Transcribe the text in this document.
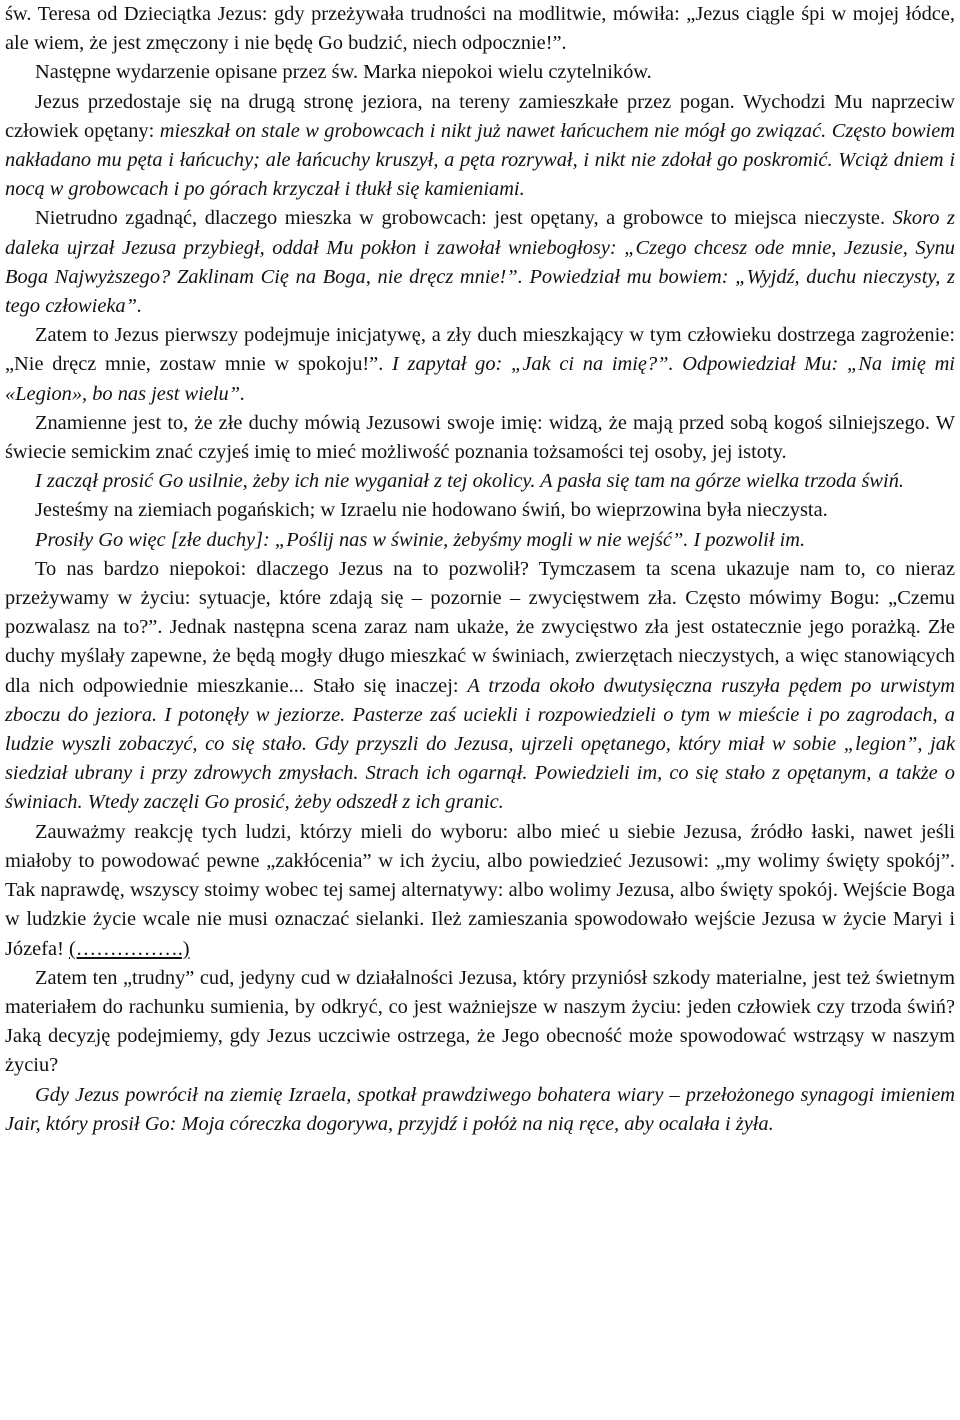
św. Teresa od Dzieciątka Jezus: gdy przeżywała trudności na modlitwie, mówiła: „Jezus ciągle śpi w mojej łódce, ale wiem, że jest zmęczony i nie będę Go budzić, niech odpocznie!”.

Następne wydarzenie opisane przez św. Marka niepokoi wielu czytelników.

Jezus przedostaje się na drugą stronę jeziora, na tereny zamieszkałe przez pogan. Wychodzi Mu naprzeciw człowiek opętany: mieszkał on stale w grobowcach i nikt już nawet łańcuchem nie mógł go związać. Często bowiem nakładano mu pęta i łańcuchy; ale łańcuchy kruszył, a pęta rozrywał, i nikt nie zdołał go poskromić. Wciąż dniem i nocą w grobowcach i po górach krzyczał i tłukł się kamieniami.

Nietrudno zgadnąć, dlaczego mieszka w grobowcach: jest opętany, a grobowce to miejsca nieczyste. Skoro z daleka ujrzał Jezusa przybiegł, oddał Mu pokłon i zawołał wniebogłosy: „Czego chcesz ode mnie, Jezusie, Synu Boga Najwyższego? Zaklinam Cię na Boga, nie dręcz mnie!”. Powiedział mu bowiem: „Wyjdź, duchu nieczysty, z tego człowieka”.

Zatem to Jezus pierwszy podejmuje inicjatywę, a zły duch mieszkający w tym człowieku dostrzega zagrożenie: „Nie dręcz mnie, zostaw mnie w spokoju!”. I zapytał go: „Jak ci na imię?”. Odpowiedział Mu: „Na imię mi «Legion», bo nas jest wielu”.

Znamienne jest to, że złe duchy mówią Jezusowi swoje imię: widzą, że mają przed sobą kogoś silniejszego. W świecie semickim znać czyjeś imię to mieć możliwość poznania tożsamości tej osoby, jej istoty.

I zaczął prosić Go usilnie, żeby ich nie wyganiał z tej okolicy. A pasła się tam na górze wielka trzoda świń.

Jesteśmy na ziemiach pogańskich; w Izraelu nie hodowano świń, bo wieprzowina była nieczysta.

Prosiły Go więc [złe duchy]: „Poślij nas w świnie, żebyśmy mogli w nie wejść”. I pozwolił im.

To nas bardzo niepokoi: dlaczego Jezus na to pozwolił? Tymczasem ta scena ukazuje nam to, co nieraz przeżywamy w życiu: sytuacje, które zdają się – pozornie – zwycięstwem zła. Często mówimy Bogu: „Czemu pozwalasz na to?”. Jednak następna scena zaraz nam ukaże, że zwycięstwo zła jest ostatecznie jego porażką. Złe duchy myślały zapewne, że będą mogły długo mieszkać w świniach, zwierzętach nieczystych, a więc stanowiących dla nich odpowiednie mieszkanie... Stało się inaczej: A trzoda około dwutysięczna ruszyła pędem po urwistym zboczu do jeziora. I potonęły w jeziorze. Pasterze zaś uciekli i rozpowiedzieli o tym w mieście i po zagrodach, a ludzie wyszli zobaczyć, co się stało. Gdy przyszli do Jezusa, ujrzeli opętanego, który miał w sobie „legion”, jak siedział ubrany i przy zdrowych zmysłach. Strach ich ogarnął. Powiedzieli im, co się stało z opętanym, a także o świniach. Wtedy zaczęli Go prosić, żeby odszedł z ich granic.

Zauważmy reakcję tych ludzi, którzy mieli do wyboru: albo mieć u siebie Jezusa, źródło łaski, nawet jeśli miałoby to powodować pewne „zakłócenia” w ich życiu, albo powiedzieć Jezusowi: „my wolimy święty spokój”. Tak naprawdę, wszyscy stoimy wobec tej samej alternatywy: albo wolimy Jezusa, albo święty spokój. Wejście Boga w ludzkie życie wcale nie musi oznaczać sielanki. Ileż zamieszania spowodowało wejście Jezusa w życie Maryi i Józefa! (…………….)

Zatem ten „trudny” cud, jedyny cud w działalności Jezusa, który przyniósł szkody materialne, jest też świetnym materiałem do rachunku sumienia, by odkryć, co jest ważniejsze w naszym życiu: jeden człowiek czy trzoda świń? Jaką decyzję podejmiemy, gdy Jezus uczciwie ostrzega, że Jego obecność może spowodować wstrząsy w naszym życiu?

Gdy Jezus powrócił na ziemię Izraela, spotkał prawdziwego bohatera wiary – przełożonego synagogi imieniem Jair, który prosił Go: Moja córeczka dogorywa, przyjdź i połóż na nią ręce, aby ocalała i żyła.
